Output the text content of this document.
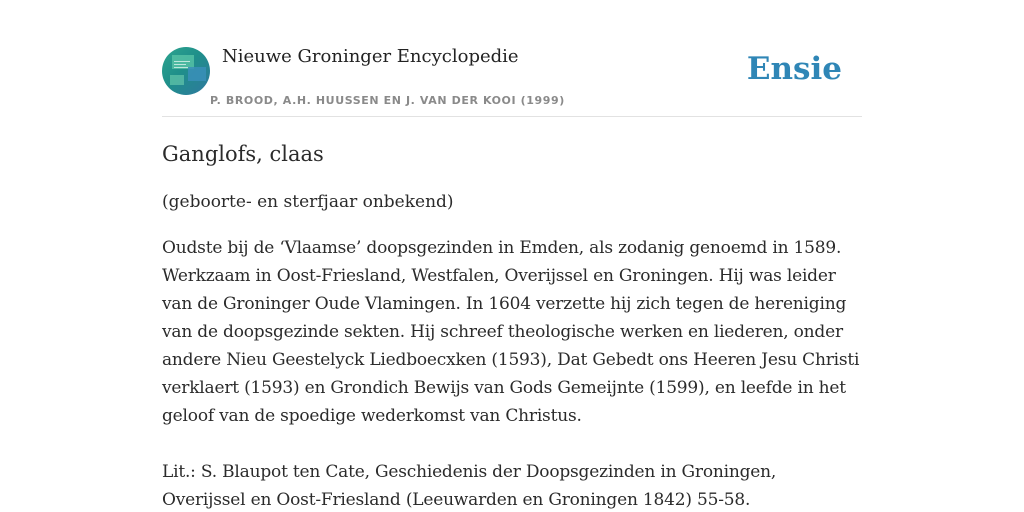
Nieuwe Groninger Encyclopedie
P. BROOD, A.H. HUUSSEN EN J. VAN DER KOOI (1999)
Ensie
Ganglofs, claas

(geboorte- en sterfjaar onbekend)

Oudste bij de ‘Vlaamse’ doopsgezinden in Emden, als zodanig genoemd in 1589. Werkzaam in Oost-Friesland, Westfalen, Overijssel en Groningen. Hij was leider van de Groninger Oude Vlamingen. In 1604 verzette hij zich tegen de hereniging van de doopsgezinde sekten. Hij schreef theologische werken en liederen, onder andere Nieu Geestelyck Liedboecxken (1593), Dat Gebedt ons Heeren Jesu Christi verklaert (1593) en Grondich Bewijs van Gods Gemeijnte (1599), en leefde in het geloof van de spoedige wederkomst van Christus.

Lit.: S. Blaupot ten Cate, Geschiedenis der Doopsgezinden in Groningen, Overijssel en Oost-Friesland (Leeuwarden en Groningen 1842) 55-58.
